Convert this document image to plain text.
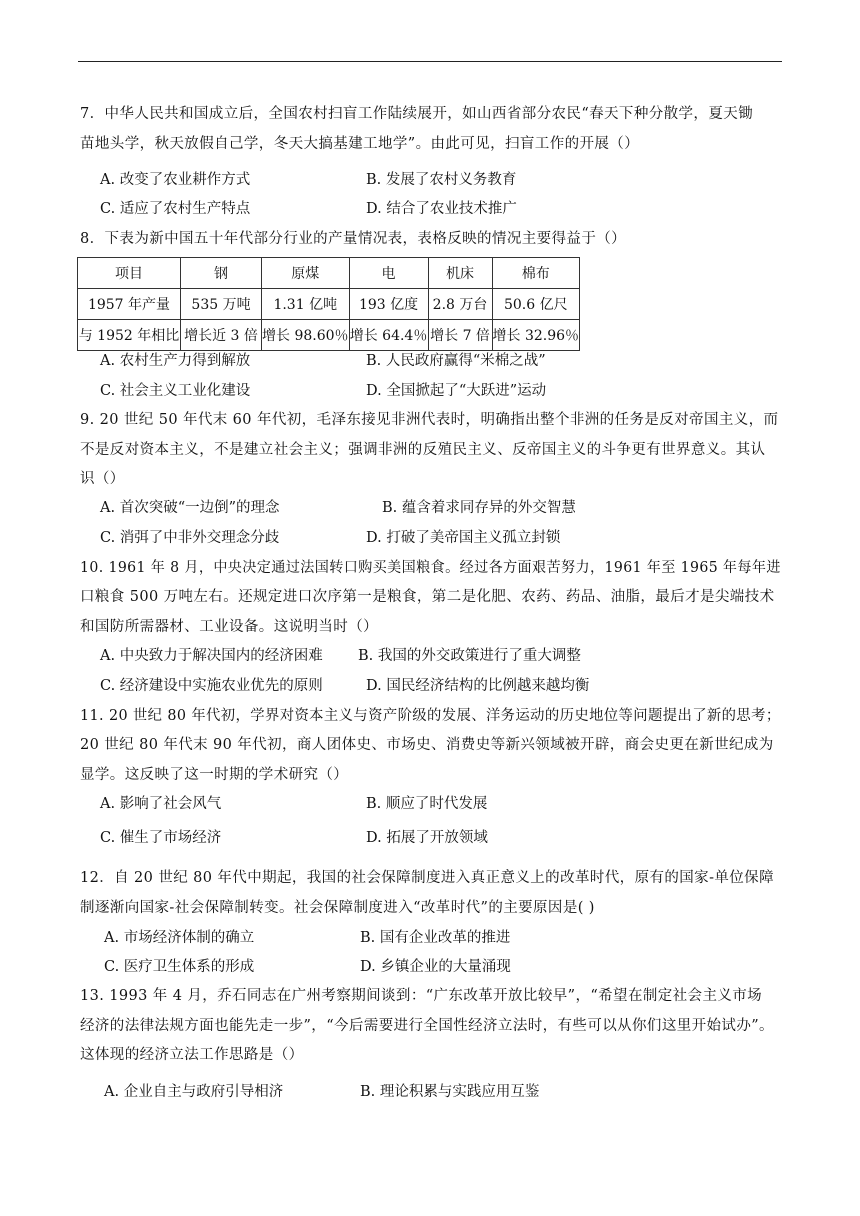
7．中华人民共和国成立后，全国农村扫盲工作陆续展开，如山西省部分农民“春天下种分散学，夏天锄
苗地头学，秋天放假自己学，冬天大搞基建工地学”。由此可见，扫盲工作的开展（）
A. 改变了农业耕作方式	B. 发展了农村义务教育
C. 适应了农村生产特点	D. 结合了农业技术推广
8．下表为新中国五十年代部分行业的产量情况表，表格反映的情况主要得益于（）
项目	钢	原煤	电	机床	棉布
1957 年产量	535 万吨	1.31 亿吨	193 亿度	2.8 万台	50.6 亿尺
与 1952 年相比	增长近 3 倍	增长 98.60％	增长 64.4％	增长 7 倍	增长 32.96％
A. 农村生产力得到解放	B. 人民政府赢得“米棉之战”
C. 社会主义工业化建设	D. 全国掀起了“大跃进”运动
9. 20 世纪 50 年代末 60 年代初，毛泽东接见非洲代表时，明确指出整个非洲的任务是反对帝国主义，而
不是反对资本主义，不是建立社会主义；强调非洲的反殖民主义、反帝国主义的斗争更有世界意义。其认
识（）
A. 首次突破“一边倒”的理念	B. 蕴含着求同存异的外交智慧
C. 消弭了中非外交理念分歧	D. 打破了美帝国主义孤立封锁
10. 1961 年 8 月，中央决定通过法国转口购买美国粮食。经过各方面艰苦努力，1961 年至 1965 年每年进
口粮食 500 万吨左右。还规定进口次序第一是粮食，第二是化肥、农药、药品、油脂，最后才是尖端技术
和国防所需器材、工业设备。这说明当时（）
A. 中央致力于解决国内的经济困难 B. 我国的外交政策进行了重大调整
C. 经济建设中实施农业优先的原则	D. 国民经济结构的比例越来越均衡
11. 20 世纪 80 年代初，学界对资本主义与资产阶级的发展、洋务运动的历史地位等问题提出了新的思考；
20 世纪 80 年代末 90 年代初，商人团体史、市场史、消费史等新兴领域被开辟，商会史更在新世纪成为
显学。这反映了这一时期的学术研究（）
A. 影响了社会风气	B. 顺应了时代发展
C. 催生了市场经济	D. 拓展了开放领域
12．自 20 世纪 80 年代中期起，我国的社会保障制度进入真正意义上的改革时代，原有的国家-单位保障
制逐渐向国家-社会保障制转变。社会保障制度进入“改革时代”的主要原因是( )
A. 市场经济体制的确立	B. 国有企业改革的推进
C. 医疗卫生体系的形成	D. 乡镇企业的大量涌现
13. 1993 年 4 月，乔石同志在广州考察期间谈到：“广东改革开放比较早”，“希望在制定社会主义市场
经济的法律法规方面也能先走一步”，“今后需要进行全国性经济立法时，有些可以从你们这里开始试办”。
这体现的经济立法工作思路是（）
A. 企业自主与政府引导相济	B. 理论积累与实践应用互鉴
